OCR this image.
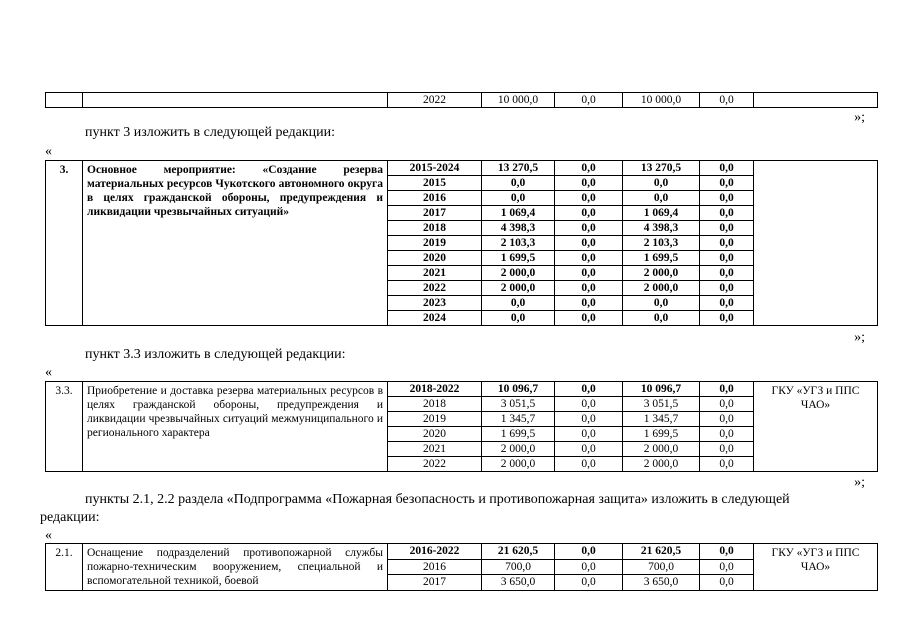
		2022	10 000,0	0,0	10 000,0	0,0	
пункт 3 изложить в следующей редакции:
»;
«
3.	Основное мероприятие: «Создание резерва материальных ресурсов Чукотского автономного округа в целях гражданской обороны, предупреждения и ликвидации чрезвычайных ситуаций»	2015-2024	13 270,5	0,0	13 270,5	0,0	
		2015	0,0	0,0	0,0	0,0	
		2016	0,0	0,0	0,0	0,0	
		2017	1 069,4	0,0	1 069,4	0,0	
		2018	4 398,3	0,0	4 398,3	0,0	
		2019	2 103,3	0,0	2 103,3	0,0	
		2020	1 699,5	0,0	1 699,5	0,0	
		2021	2 000,0	0,0	2 000,0	0,0	
		2022	2 000,0	0,0	2 000,0	0,0	
		2023	0,0	0,0	0,0	0,0	
		2024	0,0	0,0	0,0	0,0	
»;
пункт 3.3 изложить в следующей редакции:
«
3.3.	Приобретение и доставка резерва материальных ресурсов в целях гражданской обороны, предупреждения и ликвидации чрезвычайных ситуаций межмуниципального и регионального характера	2018-2022	10 096,7	0,0	10 096,7	0,0	ГКУ «УГЗ и ППС ЧАО»
		2018	3 051,5	0,0	3 051,5	0,0	
		2019	1 345,7	0,0	1 345,7	0,0	
		2020	1 699,5	0,0	1 699,5	0,0	
		2021	2 000,0	0,0	2 000,0	0,0	
		2022	2 000,0	0,0	2 000,0	0,0	
»;
пункты 2.1, 2.2 раздела «Подпрограмма «Пожарная безопасность и противопожарная защита» изложить в следующей
редакции:
«
2.1.	Оснащение подразделений противопожарной службы пожарно-техническим вооружением, специальной и вспомогательной техникой, боевой	2016-2022	21 620,5	0,0	21 620,5	0,0	ГКУ «УГЗ и ППС ЧАО»
		2016	700,0	0,0	700,0	0,0	
		2017	3 650,0	0,0	3 650,0	0,0	
